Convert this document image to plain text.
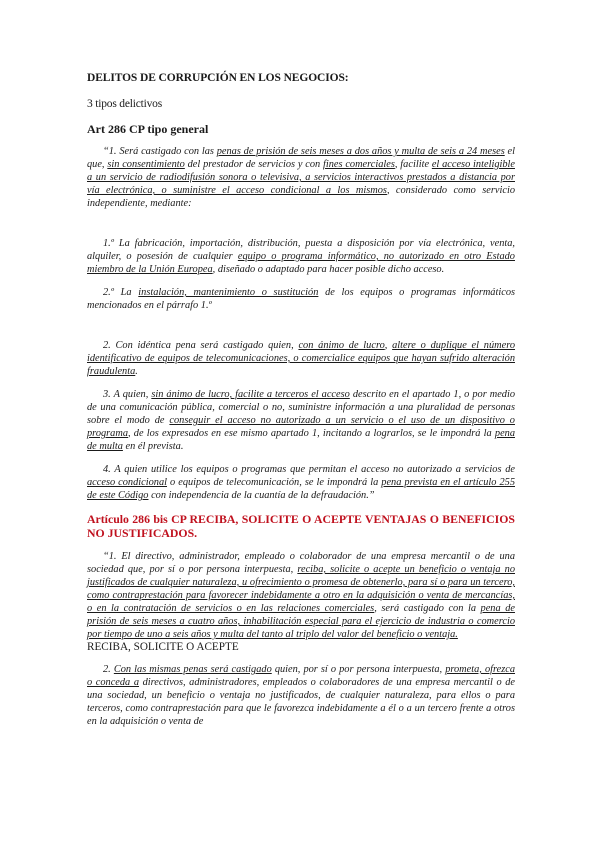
DELITOS DE CORRUPCIÓN EN LOS NEGOCIOS:

3 tipos delictivos

Art 286 CP tipo general

“1. Será castigado con las penas de prisión de seis meses a dos años y multa de seis a 24 meses el que, sin consentimiento del prestador de servicios y con fines comerciales, facilite el acceso inteligible a un servicio de radiodifusión sonora o televisiva, a servicios interactivos prestados a distancia por vía electrónica, o suministre el acceso condicional a los mismos, considerado como servicio independiente, mediante:

1.º La fabricación, importación, distribución, puesta a disposición por vía electrónica, venta, alquiler, o posesión de cualquier equipo o programa informático, no autorizado en otro Estado miembro de la Unión Europea, diseñado o adaptado para hacer posible dicho acceso.

2.º La instalación, mantenimiento o sustitución de los equipos o programas informáticos mencionados en el párrafo 1.º

2. Con idéntica pena será castigado quien, con ánimo de lucro, altere o duplique el número identificativo de equipos de telecomunicaciones, o comercialice equipos que hayan sufrido alteración fraudulenta.

3. A quien, sin ánimo de lucro, facilite a terceros el acceso descrito en el apartado 1, o por medio de una comunicación pública, comercial o no, suministre información a una pluralidad de personas sobre el modo de conseguir el acceso no autorizado a un servicio o el uso de un dispositivo o programa, de los expresados en ese mismo apartado 1, incitando a lograrlos, se le impondrá la pena de multa en él prevista.

4. A quien utilice los equipos o programas que permitan el acceso no autorizado a servicios de acceso condicional o equipos de telecomunicación, se le impondrá la pena prevista en el artículo 255 de este Código con independencia de la cuantía de la defraudación.”

Artículo 286 bis CP RECIBA, SOLICITE O ACEPTE VENTAJAS O BENEFICIOS NO JUSTIFICADOS.

“1. El directivo, administrador, empleado o colaborador de una empresa mercantil o de una sociedad que, por sí o por persona interpuesta, reciba, solicite o acepte un beneficio o ventaja no justificados de cualquier naturaleza, u ofrecimiento o promesa de obtenerlo, para sí o para un tercero, como contraprestación para favorecer indebidamente a otro en la adquisición o venta de mercancías, o en la contratación de servicios o en las relaciones comerciales, será castigado con la pena de prisión de seis meses a cuatro años, inhabilitación especial para el ejercicio de industria o comercio por tiempo de uno a seis años y multa del tanto al triplo del valor del beneficio o ventaja.

RECIBA, SOLICITE O ACEPTE

2. Con las mismas penas será castigado quien, por sí o por persona interpuesta, prometa, ofrezca o conceda a directivos, administradores, empleados o colaboradores de una empresa mercantil o de una sociedad, un beneficio o ventaja no justificados, de cualquier naturaleza, para ellos o para terceros, como contraprestación para que le favorezca indebidamente a él o a un tercero frente a otros en la adquisición o venta de
